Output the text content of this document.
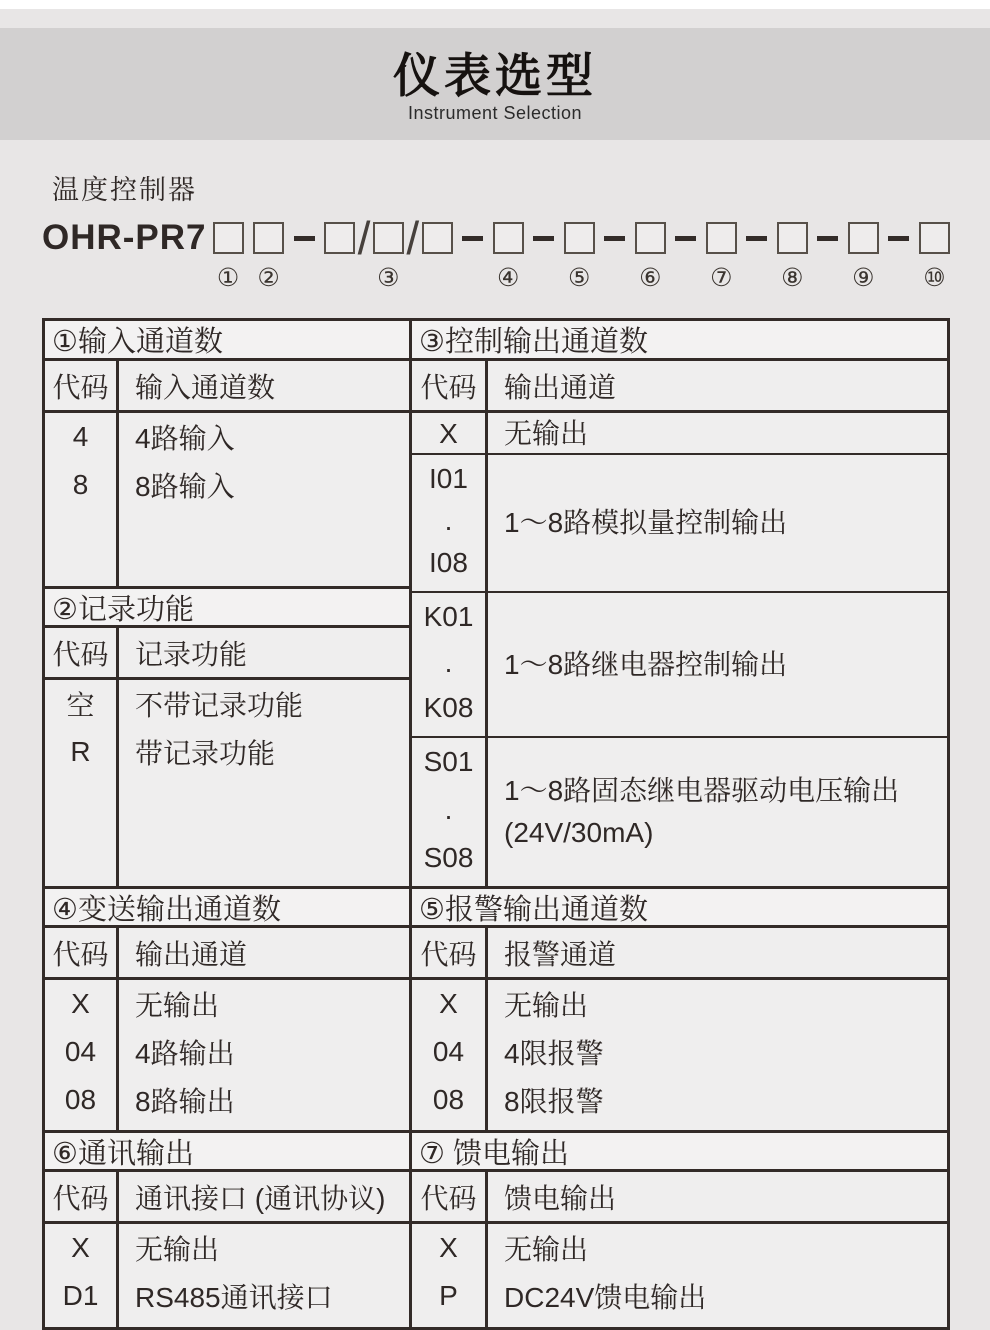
仪表选型
Instrument Selection
温度控制器
OHR-PR7
① ②

/

③
/

④
⑤
⑥
⑦
⑧
⑨
⑩
①输入通道数
代码 输入通道数
4
8
4路输入
8路输入
②记录功能
代码 记录功能
空
R
不带记录功能
带记录功能
④变送输出通道数
代码 输出通道
X
04
08
无输出
4路输出
8路输出
⑥通讯输出
代码 通讯接口 (通讯协议)
X
D1
无输出
RS485通讯接口
③控制输出通道数
代码 输出通道
X 无输出
I01
.
I08
1～8路模拟量控制输出
K01
.
K08
1～8路继电器控制输出
S01
.
S08
1～8路固态继电器驱动电压输出
(24V/30mA)
⑤报警输出通道数
代码 报警通道
X
04
08
无输出
4限报警
8限报警
⑦ 馈电输出
代码 馈电输出
X
P
无输出
DC24V馈电输出
